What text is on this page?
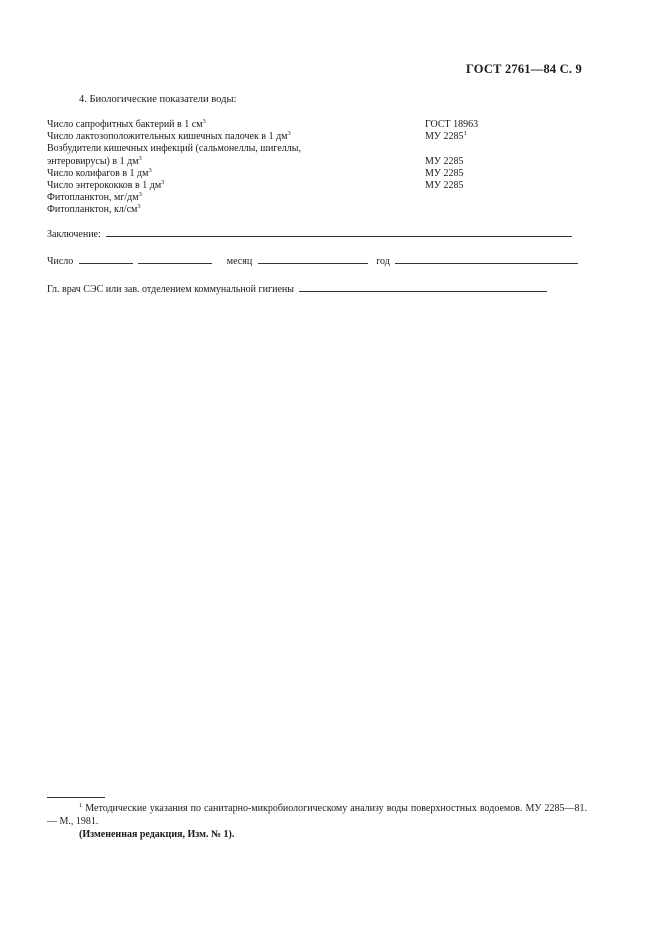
ГОСТ 2761—84 С. 9
4. Биологические показатели воды:
Число сапрофитных бактерий в 1 $см^3$	ГОСТ 18963
Число лактозоположительных кишечных палочек в 1 $дм^3$	МУ 2285$^1$
Возбудители кишечных инфекций (сальмонеллы, шигеллы,
энтеровирусы) в 1 $дм^3$	МУ 2285
Число колифагов в 1 $дм^3$	МУ 2285
Число энтерококков в 1 $дм^3$	МУ 2285
Фитопланктон, $мг/дм^3$
Фитопланктон, $кл/см^3$
Заключение:
Число	месяц	год
Гл. врач СЭС или зав. отделением коммунальной гигиены
$^1$ Методические указания по санитарно-микробиологическому анализу воды поверхностных водоемов. МУ 2285—81. — М., 1981.
(Измененная редакция, Изм. № 1).
